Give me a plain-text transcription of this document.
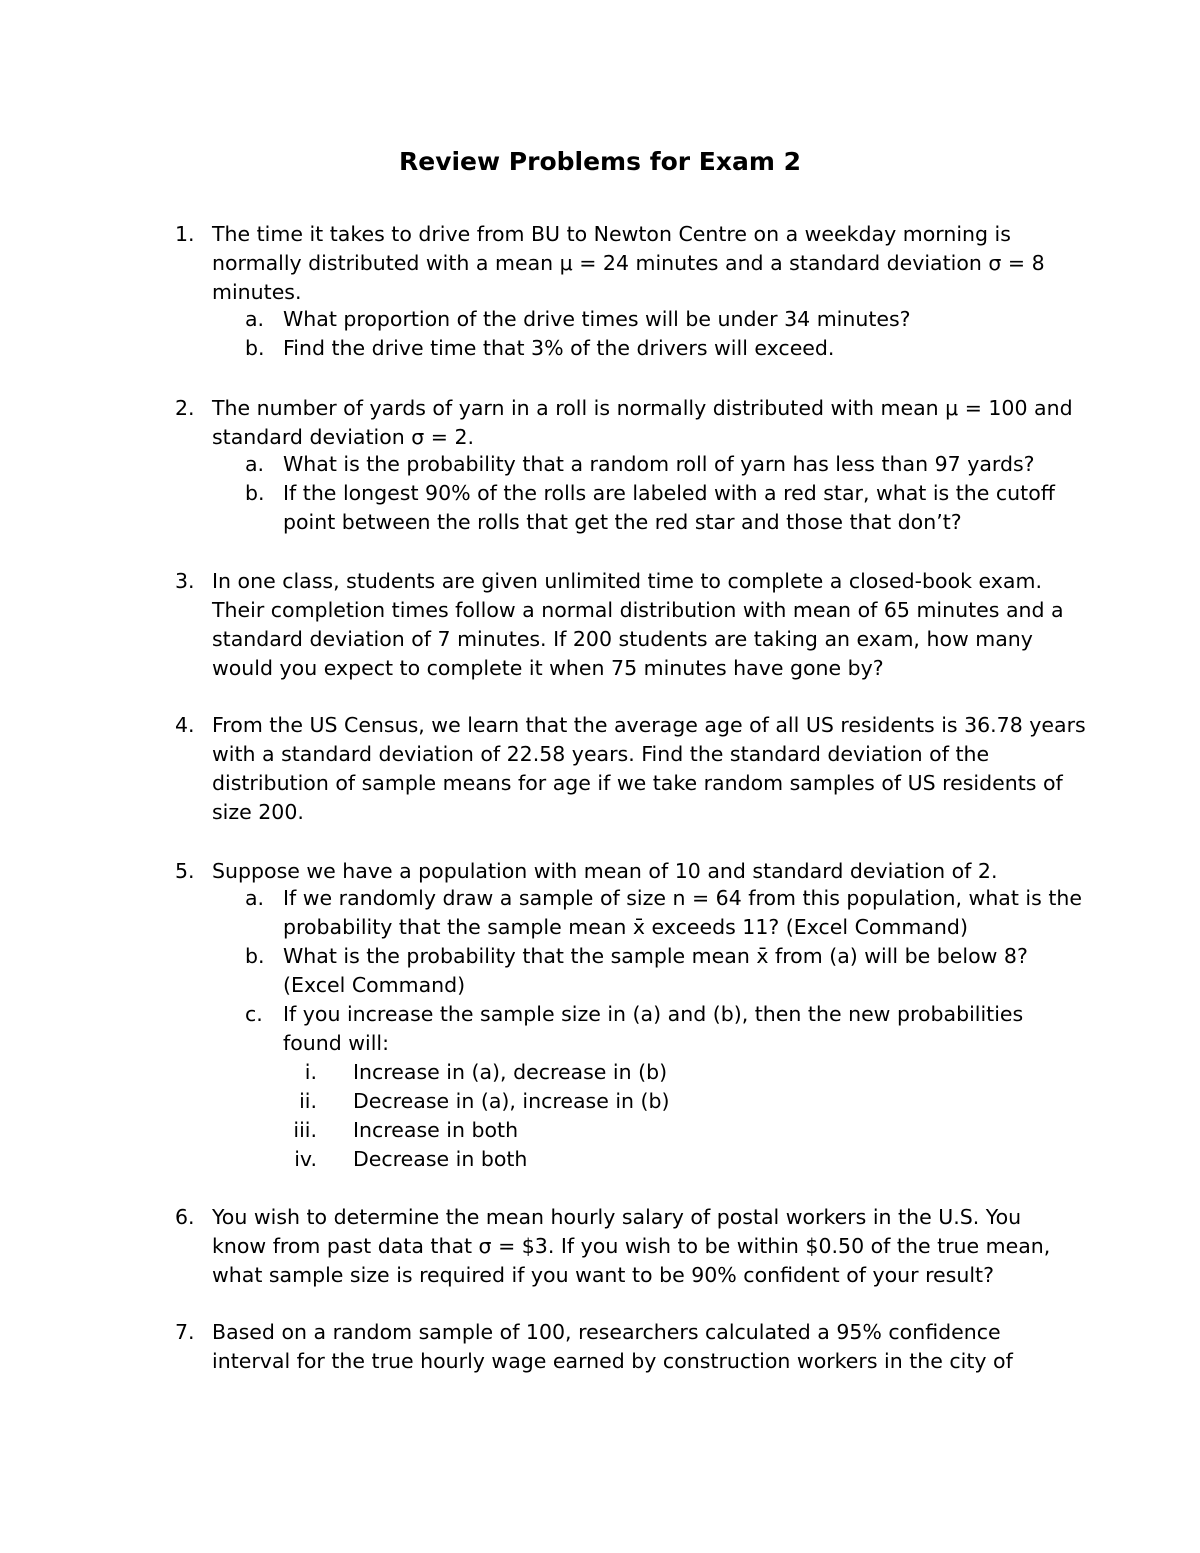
Review Problems for Exam 2
1. The time it takes to drive from BU to Newton Centre on a weekday morning is
normally distributed with a mean μ = 24 minutes and a standard deviation σ = 8
minutes.
a. What proportion of the drive times will be under 34 minutes?
b. Find the drive time that 3% of the drivers will exceed.
2. The number of yards of yarn in a roll is normally distributed with mean μ = 100 and
standard deviation σ = 2.
a. What is the probability that a random roll of yarn has less than 97 yards?
b. If the longest 90% of the rolls are labeled with a red star, what is the cutoff
point between the rolls that get the red star and those that don’t?
3. In one class, students are given unlimited time to complete a closed-book exam.
Their completion times follow a normal distribution with mean of 65 minutes and a
standard deviation of 7 minutes. If 200 students are taking an exam, how many
would you expect to complete it when 75 minutes have gone by?
4. From the US Census, we learn that the average age of all US residents is 36.78 years
with a standard deviation of 22.58 years. Find the standard deviation of the
distribution of sample means for age if we take random samples of US residents of
size 200.
5. Suppose we have a population with mean of 10 and standard deviation of 2.
a. If we randomly draw a sample of size n = 64 from this population, what is the
probability that the sample mean x̄ exceeds 11? (Excel Command)
b. What is the probability that the sample mean x̄ from (a) will be below 8?
(Excel Command)
c. If you increase the sample size in (a) and (b), then the new probabilities
found will:
i. Increase in (a), decrease in (b)
ii. Decrease in (a), increase in (b)
iii. Increase in both
iv. Decrease in both
6. You wish to determine the mean hourly salary of postal workers in the U.S. You
know from past data that σ = $3. If you wish to be within $0.50 of the true mean,
what sample size is required if you want to be 90% confident of your result?
7. Based on a random sample of 100, researchers calculated a 95% confidence
interval for the true hourly wage earned by construction workers in the city of
